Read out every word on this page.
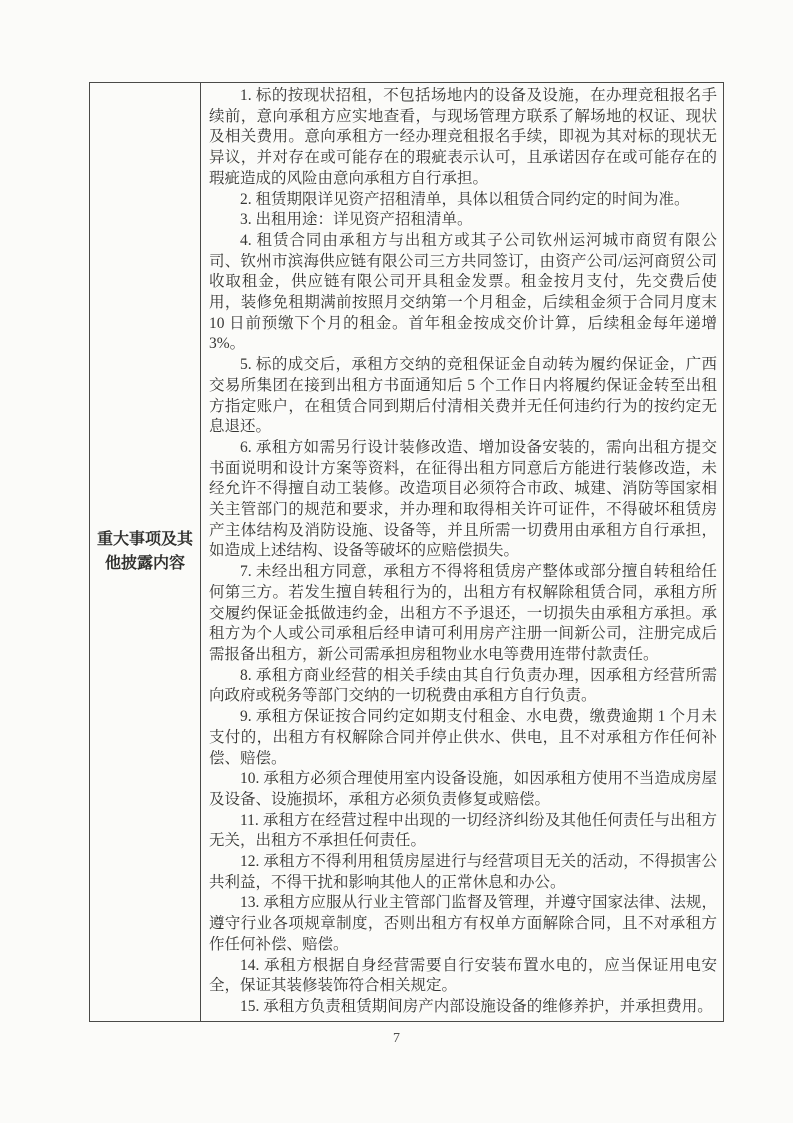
重大事项及其他披露内容

1. 标的按现状招租，不包括场地内的设备及设施，在办理竞租报名手续前，意向承租方应实地查看，与现场管理方联系了解场地的权证、现状及相关费用。意向承租方一经办理竞租报名手续，即视为其对标的现状无异议，并对存在或可能存在的瑕疵表示认可，且承诺因存在或可能存在的瑕疵造成的风险由意向承租方自行承担。

2. 租赁期限详见资产招租清单，具体以租赁合同约定的时间为准。

3. 出租用途：详见资产招租清单。

4. 租赁合同由承租方与出租方或其子公司钦州运河城市商贸有限公司、钦州市滨海供应链有限公司三方共同签订，由资产公司/运河商贸公司收取租金，供应链有限公司开具租金发票。租金按月支付，先交费后使用，装修免租期满前按照月交纳第一个月租金，后续租金须于合同月度末 10 日前预缴下个月的租金。首年租金按成交价计算，后续租金每年递增 3%。

5. 标的成交后，承租方交纳的竞租保证金自动转为履约保证金，广西交易所集团在接到出租方书面通知后 5 个工作日内将履约保证金转至出租方指定账户，在租赁合同到期后付清相关费并无任何违约行为的按约定无息退还。

6. 承租方如需另行设计装修改造、增加设备安装的，需向出租方提交书面说明和设计方案等资料，在征得出租方同意后方能进行装修改造，未经允许不得擅自动工装修。改造项目必须符合市政、城建、消防等国家相关主管部门的规范和要求，并办理和取得相关许可证件，不得破坏租赁房产主体结构及消防设施、设备等，并且所需一切费用由承租方自行承担，如造成上述结构、设备等破坏的应赔偿损失。

7. 未经出租方同意，承租方不得将租赁房产整体或部分擅自转租给任何第三方。若发生擅自转租行为的，出租方有权解除租赁合同，承租方所交履约保证金抵做违约金，出租方不予退还，一切损失由承租方承担。承租方为个人或公司承租后经申请可利用房产注册一间新公司，注册完成后需报备出租方，新公司需承担房租物业水电等费用连带付款责任。

8. 承租方商业经营的相关手续由其自行负责办理，因承租方经营所需向政府或税务等部门交纳的一切税费由承租方自行负责。

9. 承租方保证按合同约定如期支付租金、水电费，缴费逾期 1 个月未支付的，出租方有权解除合同并停止供水、供电，且不对承租方作任何补偿、赔偿。

10. 承租方必须合理使用室内设备设施，如因承租方使用不当造成房屋及设备、设施损坏，承租方必须负责修复或赔偿。

11. 承租方在经营过程中出现的一切经济纠纷及其他任何责任与出租方无关，出租方不承担任何责任。

12. 承租方不得利用租赁房屋进行与经营项目无关的活动，不得损害公共利益，不得干扰和影响其他人的正常休息和办公。

13. 承租方应服从行业主管部门监督及管理，并遵守国家法律、法规，遵守行业各项规章制度，否则出租方有权单方面解除合同，且不对承租方作任何补偿、赔偿。

14. 承租方根据自身经营需要自行安装布置水电的，应当保证用电安全，保证其装修装饰符合相关规定。

15. 承租方负责租赁期间房产内部设施设备的维修养护，并承担费用。

7
